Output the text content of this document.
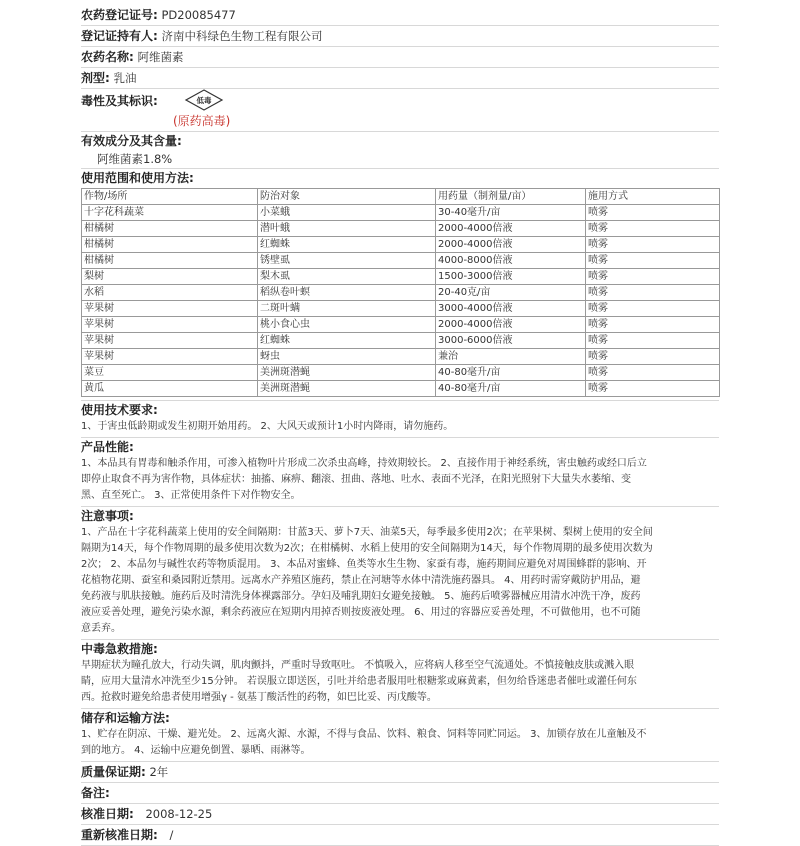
农药登记证号: PD20085477
登记证持有人: 济南中科绿色生物工程有限公司
农药名称: 阿维菌素
剂型: 乳油
毒性及其标识:	低毒
(原药高毒)
有效成分及其含量:
阿维菌素1.8%
使用范围和使用方法:
作物/场所	防治对象	用药量（制剂量/亩）	施用方式
十字花科蔬菜	小菜蛾	30-40毫升/亩	喷雾
柑橘树	潜叶蛾	2000-4000倍液	喷雾
柑橘树	红蜘蛛	2000-4000倍液	喷雾
柑橘树	锈壁虱	4000-8000倍液	喷雾
梨树	梨木虱	1500-3000倍液	喷雾
水稻	稻纵卷叶螟	20-40克/亩	喷雾
苹果树	二斑叶螨	3000-4000倍液	喷雾
苹果树	桃小食心虫	2000-4000倍液	喷雾
苹果树	红蜘蛛	3000-6000倍液	喷雾
苹果树	蚜虫	兼治	喷雾
菜豆	美洲斑潜蝇	40-80毫升/亩	喷雾
黄瓜	美洲斑潜蝇	40-80毫升/亩	喷雾
使用技术要求:
1、于害虫低龄期或发生初期开始用药。 2、大风天或预计1小时内降雨，请勿施药。
产品性能:
1、本品具有胃毒和触杀作用，可渗入植物叶片形成二次杀虫高峰，持效期较长。 2、直接作用于神经系统，害虫触药或经口后立
即停止取食不再为害作物，具体症状：抽搐、麻痹、翻滚、扭曲、落地、吐水、表面不光泽，在阳光照射下大量失水萎缩、变
黑、直至死亡。 3、正常使用条件下对作物安全。
注意事项:
1、产品在十字花科蔬菜上使用的安全间隔期：甘蓝3天、萝卜7天、油菜5天，每季最多使用2次；在苹果树、梨树上使用的安全间
隔期为14天，每个作物周期的最多使用次数为2次；在柑橘树、水稻上使用的安全间隔期为14天，每个作物周期的最多使用次数为
2次； 2、本品勿与碱性农药等物质混用。 3、本品对蜜蜂、鱼类等水生生物、家蚕有毒，施药期间应避免对周围蜂群的影响、开
花植物花期、蚕室和桑园附近禁用。远离水产养殖区施药，禁止在河塘等水体中清洗施药器具。 4、用药时需穿戴防护用品，避
免药液与肌肤接触。施药后及时清洗身体裸露部分。孕妇及哺乳期妇女避免接触。 5、施药后喷雾器械应用清水冲洗干净，废药
液应妥善处理，避免污染水源，剩余药液应在短期内用掉否则按废液处理。 6、用过的容器应妥善处理，不可做他用，也不可随
意丢弃。
中毒急救措施:
早期症状为瞳孔放大，行动失调，肌肉颤抖，严重时导致呕吐。 不慎吸入，应将病人移至空气流通处。不慎接触皮肤或溅入眼
睛，应用大量清水冲洗至少15分钟。 若误服立即送医，引吐并给患者服用吐根糖浆或麻黄素，但勿给昏迷患者催吐或灌任何东
西。抢救时避免给患者使用增强γ - 氨基丁酸活性的药物，如巴比妥、丙戊酸等。
储存和运输方法:
1、贮存在阴凉、干燥、避光处。 2、远离火源、水源，不得与食品、饮料、粮食、饲料等同贮同运。 3、加锁存放在儿童触及不
到的地方。 4、运输中应避免倒置、暴晒、雨淋等。
质量保证期: 2年
备注:
核准日期: 2008-12-25
重新核准日期: /
